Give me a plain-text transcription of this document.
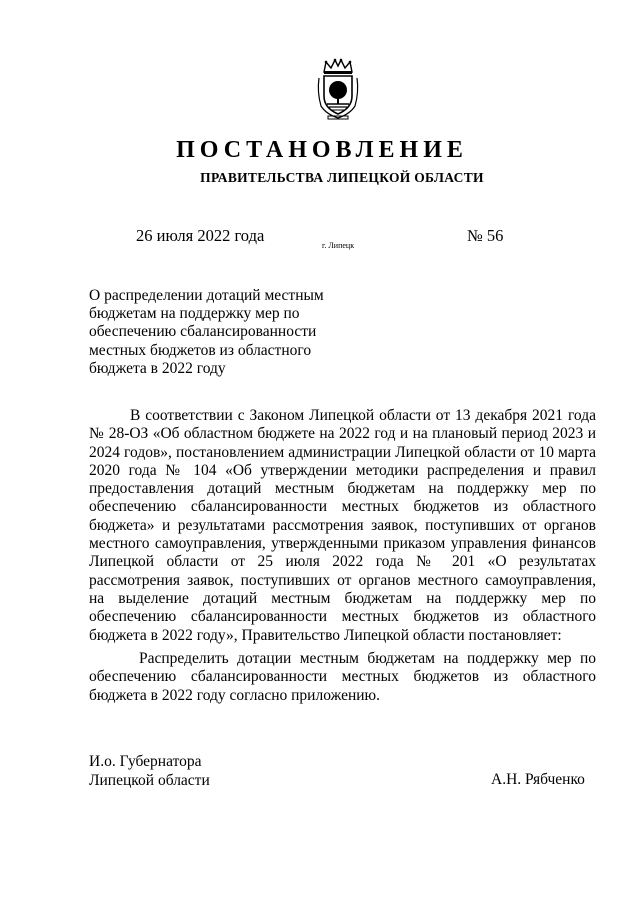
ПОСТАНОВЛЕНИЕ
ПРАВИТЕЛЬСТВА ЛИПЕЦКОЙ ОБЛАСТИ
26 июля 2022 года
г. Липецк
№ 56
О распределении дотаций местным
бюджетам на поддержку мер по
обеспечению сбалансированности
местных бюджетов из областного
бюджета в 2022 году

В соответствии с Законом Липецкой области от 13 декабря 2021 года № 28-ОЗ «Об областном бюджете на 2022 год и на плановый период 2023 и 2024 годов», постановлением администрации Липецкой области от 10 марта 2020 года № 104 «Об утверждении методики распределения и правил предоставления дотаций местным бюджетам на поддержку мер по обеспечению сбалансированности местных бюджетов из областного бюджета» и результатами рассмотрения заявок, поступивших от органов местного самоуправления, утвержденными приказом управления финансов Липецкой области от 25 июля 2022 года № 201 «О результатах рассмотрения заявок, поступивших от органов местного самоуправления, на выделение дотаций местным бюджетам на поддержку мер по обеспечению сбалансированности местных бюджетов из областного бюджета в 2022 году», Правительство Липецкой области постановляет:

Распределить дотации местным бюджетам на поддержку мер по обеспечению сбалансированности местных бюджетов из областного бюджета в 2022 году согласно приложению.

И.о. Губернатора
Липецкой области	А.Н. Рябченко
